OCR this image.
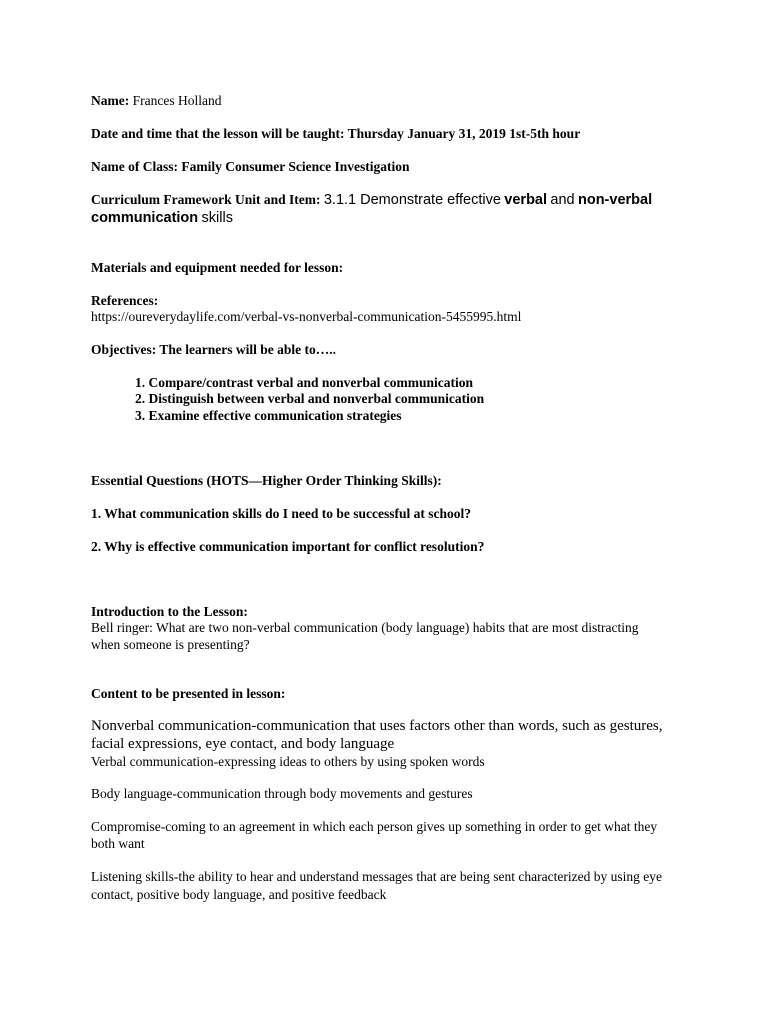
Name: Frances Holland
Date and time that the lesson will be taught: Thursday January 31, 2019 1st-5th hour
Name of Class: Family Consumer Science Investigation
Curriculum Framework Unit and Item: 3.1.1 Demonstrate effective verbal and non-verbal
communication skills
Materials and equipment needed for lesson:
References:
https://oureverydaylife.com/verbal-vs-nonverbal-communication-5455995.html
Objectives: The learners will be able to…..
1. Compare/contrast verbal and nonverbal communication
2. Distinguish between verbal and nonverbal communication
3. Examine effective communication strategies
Essential Questions (HOTS—Higher Order Thinking Skills):
1. What communication skills do I need to be successful at school?
2. Why is effective communication important for conflict resolution?
Introduction to the Lesson:
Bell ringer: What are two non-verbal communication (body language) habits that are most distracting
when someone is presenting?
Content to be presented in lesson:
Nonverbal communication-communication that uses factors other than words, such as gestures,
facial expressions, eye contact, and body language
Verbal communication-expressing ideas to others by using spoken words
Body language-communication through body movements and gestures
Compromise-coming to an agreement in which each person gives up something in order to get what they
both want
Listening skills-the ability to hear and understand messages that are being sent characterized by using eye
contact, positive body language, and positive feedback
